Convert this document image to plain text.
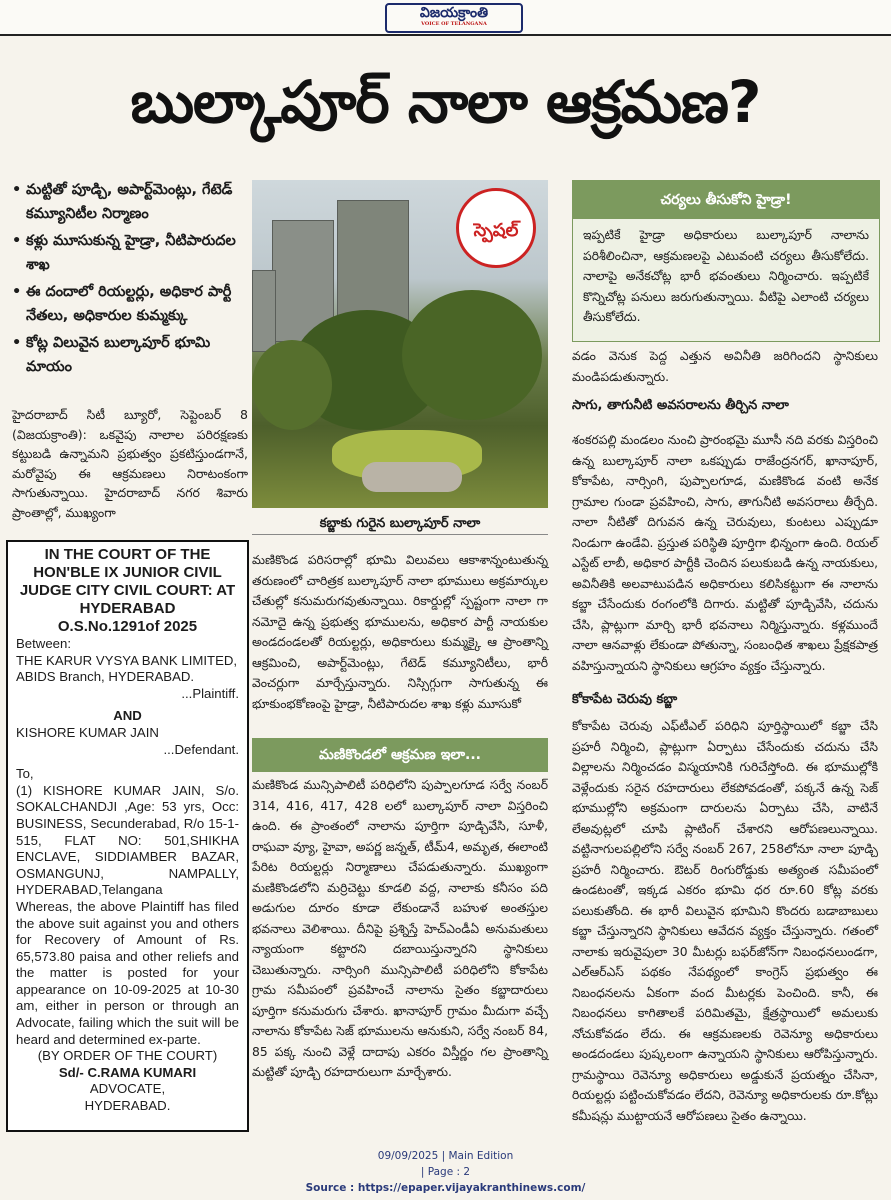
విజయక్రాంతి
VOICE OF TELANGANA
బుల్కాపూర్ నాలా ఆక్రమణ?
• మట్టితో పూడ్చి, అపార్ట్‌మెంట్లు, గేటెడ్ కమ్యూనిటీల నిర్మాణం
• కళ్లు మూసుకున్న హైడ్రా, నీటిపారుదల శాఖ
• ఈ దందాలో రియల్టర్లు, అధికార పార్టీ నేతలు, అధికారుల కుమ్మక్కు
• కోట్ల విలువైన బుల్కాపూర్ భూమి మాయం
హైదరాబాద్ సిటీ బ్యూరో, సెప్టెంబర్ 8 (విజయక్రాంతి): ఒకవైపు నాలాల పరిరక్షణకు కట్టుబడి ఉన్నామని ప్రభుత్వం ప్రకటిస్తుండగానే, మరోవైపు ఈ ఆక్రమణలు నిరాటంకంగా సాగుతున్నాయి. హైదరాబాద్ నగర శివారు ప్రాంతాల్లో, ముఖ్యంగా
IN THE COURT OF THE HON'BLE IX JUNIOR CIVIL JUDGE CITY CIVIL COURT: AT HYDERABAD
O.S.No.1291of 2025
Between:
THE KARUR VYSYA BANK LIMITED, ABIDS Branch, HYDERABAD.
...Plaintiff.
AND
KISHORE KUMAR JAIN
...Defendant.
To,
(1) KISHORE KUMAR JAIN, S/o. SOKALCHANDJI ,Age: 53 yrs, Occ: BUSINESS, Secunderabad, R/o 15-1-515, FLAT NO: 501,SHIKHA ENCLAVE, SIDDIAMBER BAZAR, OSMANGUNJ, NAMPALLY, HYDERABAD,Telangana
Whereas, the above Plaintiff has filed the above suit against you and others for Recovery of Amount of Rs. 65,573.80 paisa and other reliefs and the matter is posted for your appearance on 10-09-2025 at 10-30 am, either in person or through an Advocate, failing which the suit will be heard and determined ex-parte.
(BY ORDER OF THE COURT)
Sd/- C.RAMA KUMARI
ADVOCATE,
HYDERABAD.
స్పెషల్
కబ్జాకు గురైన బుల్కాపూర్ నాలా
మణికొండ పరిసరాల్లో భూమి విలువలు ఆకాశాన్నంటుతున్న తరుణంలో చారిత్రక బుల్కాపూర్ నాలా భూములు అక్రమార్కుల చేతుల్లో కనుమరుగవుతున్నాయి. రికార్డుల్లో స్పష్టంగా నాలా గా నమోదై ఉన్న ప్రభుత్వ భూములను, అధికార పార్టీ నాయకుల అండదండలతో రియల్టర్లు, అధికారులు కుమ్మక్కై ఆ ప్రాంతాన్ని ఆక్రమించి, అపార్ట్‌మెంట్లు, గేటెడ్ కమ్యూనిటీలు, భారీ వెంచర్లుగా మార్చేస్తున్నారు. నిస్సిగ్గుగా సాగుతున్న ఈ భూకుంభకోణంపై హైడ్రా, నీటిపారుదల శాఖ కళ్లు మూసుకో
మణికొండలో ఆక్రమణ ఇలా...
మణికొండ మున్సిపాలిటీ పరిధిలోని పుప్పాలగూడ సర్వే నంబర్ 314, 416, 417, 428 లలో బుల్కాపూర్ నాలా విస్తరించి ఉంది. ఈ ప్రాంతంలో నాలాను పూర్తిగా పూడ్చివేసి, సూళీ, రాఘవా వ్యూ, హైవా, అపర్ణ జన్నత్, టీమ్4, అమృత, ఈలాంటి పేరిట రియల్టర్లు నిర్మాణాలు చేపడుతున్నారు. ముఖ్యంగా మణికొండలోని మర్రిచెట్టు కూడలి వద్ద, నాలాకు కనీసం పది అడుగుల దూరం కూడా లేకుండానే బహుళ అంతస్తుల భవనాలు వెలిశాయి. దీనిపై ప్రశ్నిస్తే హెచ్‌ఎండీఏ అనుమతులు న్యాయంగా కట్టారని దబాయిస్తున్నారని స్థానికులు చెబుతున్నారు. నార్సింగి మున్సిపాలిటీ పరిధిలోని కోకాపేట గ్రామ సమీపంలో ప్రవహించే నాలాను సైతం కబ్జాదారులు పూర్తిగా కనుమరుగు చేశారు. ఖానాపూర్ గ్రామం మీదుగా వచ్చే నాలాను కోకాపేట సెజ్ భూములను ఆనుకుని, సర్వే నంబర్ 84, 85 పక్క నుంచి వెళ్లే దాదాపు ఎకరం విస్తీర్ణం గల ప్రాంతాన్ని మట్టితో పూడ్చి రహదారులుగా మార్చేశారు.
చర్యలు తీసుకోని హైడ్రా!
ఇప్పటికే హైడ్రా అధికారులు బుల్కాపూర్ నాలాను పరిశీలించినా, ఆక్రమణలపై ఎటువంటి చర్యలు తీసుకోలేదు. నాలాపై అనేకచోట్ల భారీ భవంతులు నిర్మించారు. ఇప్పటికే కొన్నిచోట్ల పనులు జరుగుతున్నాయి. వీటిపై ఎలాంటి చర్యలు తీసుకోలేదు.
వడం వెనుక పెద్ద ఎత్తున అవినీతి జరిగిందని స్థానికులు మండిపడుతున్నారు.
సాగు, తాగునీటి అవసరాలను తీర్చిన నాలా
శంకరపల్లి మండలం నుంచి ప్రారంభమై మూసీ నది వరకు విస్తరించి ఉన్న బుల్కాపూర్ నాలా ఒకప్పుడు రాజేంద్రనగర్, ఖానాపూర్, కోకాపేట, నార్సింగి, పుప్పాలగూడ, మణికొండ వంటి అనేక గ్రామాల గుండా ప్రవహించి, సాగు, తాగునీటి అవసరాలు తీర్చేది. నాలా నీటితో దిగువన ఉన్న చెరువులు, కుంటలు ఎప్పుడూ నిండుగా ఉండేవి. ప్రస్తుత పరిస్థితి పూర్తిగా భిన్నంగా ఉంది. రియల్ ఎస్టేట్ లాబీ, అధికార పార్టీకి చెందిన పలుకుబడి ఉన్న నాయకులు, అవినీతికి అలవాటుపడిన అధికారులు కలిసికట్టుగా ఈ నాలాను కబ్జా చేసేందుకు రంగంలోకి దిగారు. మట్టితో పూడ్చివేసి, చదును చేసి, ప్లాట్లుగా మార్చి భారీ భవనాలు నిర్మిస్తున్నారు. కళ్లముందే నాలా ఆనవాళ్లు లేకుండా పోతున్నా, సంబంధిత శాఖలు ప్రేక్షకపాత్ర వహిస్తున్నాయని స్థానికులు ఆగ్రహం వ్యక్తం చేస్తున్నారు.
కోకాపేట చెరువు కబ్జా
కోకాపేట చెరువు ఎఫ్‌టీఎల్ పరిధిని పూర్తిస్థాయిలో కబ్జా చేసి ప్రహరీ నిర్మించి, ప్లాట్లుగా ఏర్పాటు చేసేందుకు చదును చేసి విల్లాలను నిర్మించడం విస్మయానికి గురిచేస్తోంది. ఈ భూముల్లోకి వెళ్లేందుకు సరైన రహదారులు లేకపోవడంతో, పక్కనే ఉన్న సెజ్ భూముల్లోని అక్రమంగా దారులను ఏర్పాటు చేసి, వాటినే లేఅవుట్లలో చూపి ప్లాటింగ్ చేశారని ఆరోపణలున్నాయి. వట్టినాగులపల్లిలోని సర్వే నంబర్ 267, 258లోనూ నాలా పూడ్చి ప్రహరీ నిర్మించారు. ఔటర్ రింగురోడ్డుకు అత్యంత సమీపంలో ఉండటంతో, ఇక్కడ ఎకరం భూమి ధర రూ.60 కోట్ల వరకు పలుకుతోంది. ఈ భారీ విలువైన భూమిని కొందరు బడాబాబులు కబ్జా చేస్తున్నారని స్థానికులు ఆవేదన వ్యక్తం చేస్తున్నారు. గతంలో నాలాకు ఇరువైపులా 30 మీటర్లు బఫర్‌జోన్‌గా నిబంధనలుండగా, ఎల్ఆర్ఎస్ పథకం నేపథ్యంలో కాంగ్రెస్ ప్రభుత్వం ఈ నిబంధనలను ఏకంగా వంద మీటర్లకు పెంచింది. కానీ, ఈ నిబంధనలు కాగితాలకే పరిమితమై, క్షేత్రస్థాయిలో అమలుకు నోచుకోవడం లేదు. ఈ ఆక్రమణలకు రెవెన్యూ అధికారులు అండదండలు పుష్కలంగా ఉన్నాయని స్థానికులు ఆరోపిస్తున్నారు. గ్రామస్థాయి రెవెన్యూ అధికారులు అడ్డుకునే ప్రయత్నం చేసినా, రియల్టర్లు పట్టించుకోవడం లేదని, రెవెన్యూ అధికారులకు రూ.కోట్లు కమీషన్లు ముట్టాయనే ఆరోపణలు సైతం ఉన్నాయి.
09/09/2025 | Main Edition
| Page : 2
Source : https://epaper.vijayakranthinews.com/
